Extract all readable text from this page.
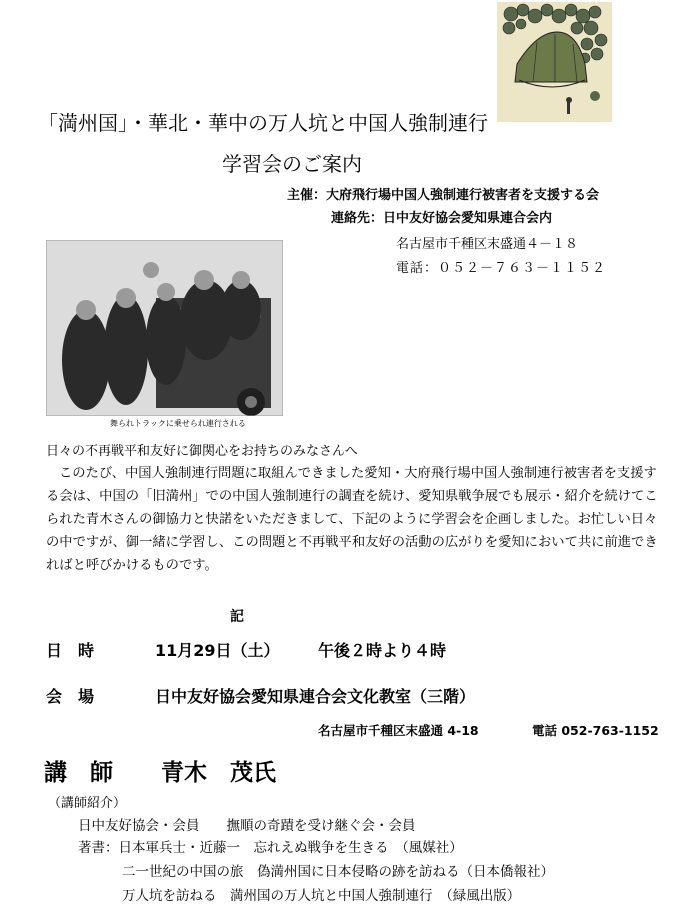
「満州国」・華北・華中の万人坑と中国人強制連行
学習会のご案内
主催：大府飛行場中国人強制連行被害者を支援する会
連絡先：日中友好協会愛知県連合会内
名古屋市千種区末盛通４－１８
電話：０５２－７６３－１１５２
舞られトラックに乗せられ連行される
日々の不再戦平和友好に御関心をお持ちのみなさんへ

このたび、中国人強制連行問題に取組んできました愛知・大府飛行場中国人強制連行被害者を支援する会は、中国の「旧満州」での中国人強制連行の調査を続け、愛知県戦争展でも展示・紹介を続けてこられた青木さんの御協力と快諾をいただきまして、下記のように学習会を企画しました。お忙しい日々の中ですが、御一緒に学習し、この問題と不再戦平和友好の活動の広がりを愛知において共に前進できればと呼びかけるものです。

記
日　時	11月29日（土） 午後２時より４時
会　場	日中友好協会愛知県連合会文化教室（三階）
名古屋市千種区末盛通 4-18	電話 052-763-1152
講　師 青木　茂氏
（講師紹介）
日中友好協会・会員　　撫順の奇蹟を受け継ぐ会・会員
著書：日本軍兵士・近藤一　忘れえぬ戦争を生きる　（風媒社）
二一世紀の中国の旅　偽満州国に日本侵略の跡を訪ねる（日本僑報社）
万人坑を訪ねる　満州国の万人坑と中国人強制連行　（緑風出版）
